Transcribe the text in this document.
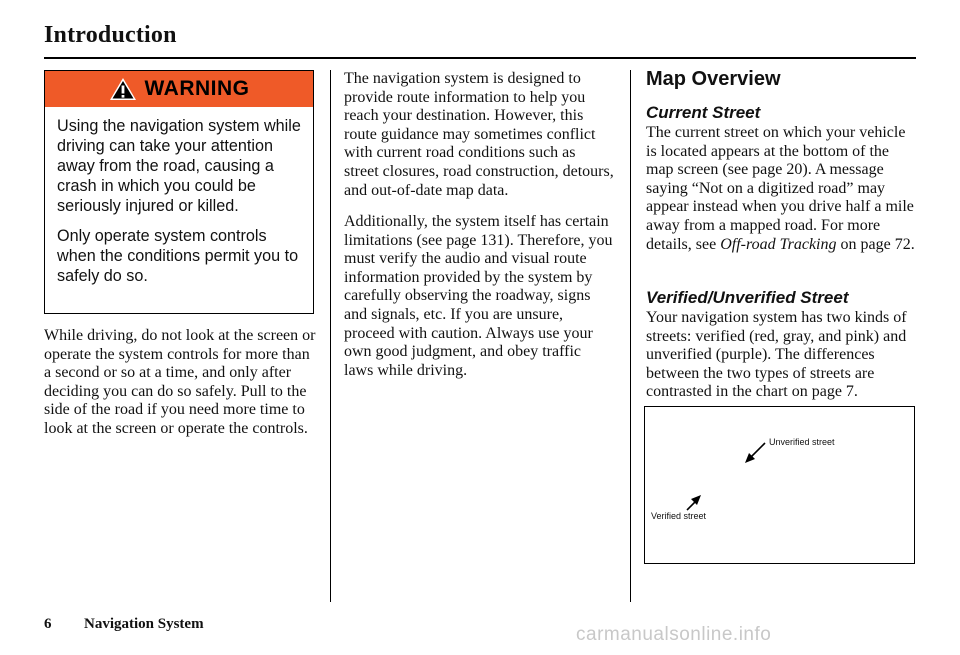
Introduction
WARNING

Using the navigation system while driving can take your attention away from the road, causing a crash in which you could be seriously injured or killed.

Only operate system controls when the conditions permit you to safely do so.

While driving, do not look at the screen or operate the system controls for more than a second or so at a time, and only after deciding you can do so safely. Pull to the side of the road if you need more time to look at the screen or operate the controls.

The navigation system is designed to provide route information to help you reach your destination. However, this route guidance may sometimes conflict with current road conditions such as street closures, road construction, detours, and out-of-date map data.

Additionally, the system itself has certain limitations (see page 131). Therefore, you must verify the audio and visual route information provided by the system by carefully observing the roadway, signs and signals, etc. If you are unsure, proceed with caution. Always use your own good judgment, and obey traffic laws while driving.

Map Overview
Current Street

The current street on which your vehicle is located appears at the bottom of the map screen (see page 20). A message saying “Not on a digitized road” may appear instead when you drive half a mile away from a mapped road. For more details, see Off-road Tracking on page 72.

Verified/Unverified Street

Your navigation system has two kinds of streets: verified (red, gray, and pink) and unverified (purple). The differences between the two types of streets are contrasted in the chart on page 7.

Unverified street
Verified street
6 Navigation System	carmanualsonline.info
